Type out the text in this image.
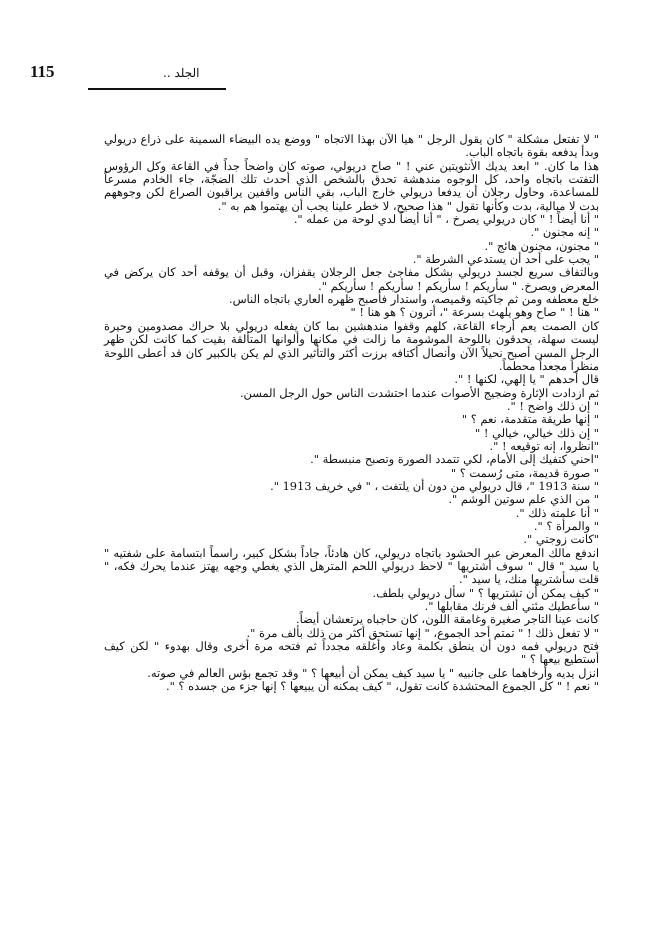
115	الجلد ..

" لا تفتعل مشكلة " كان يقول الرجل " هيا الآن بهذا الاتجاه " ووضع يده البيضاء السمينة على ذراع دريولي وبدأ يدفعه بقوة باتجاه الباب.

هذا ما كان. " ابعد يديك الأنثويتين عني ! " صاح دريولي، صوته كان واضحاً جداً في القاعة وكل الرؤوس التفتت باتجاه واحد، كل الوجوه مندهشة تحدق بالشخص الذي أحدث تلك الضجّة، جاء الخادم مسرعاً للمساعدة، وحاول رجلان أن يدفعا دريولي خارج الباب، بقي الناس واقفين يراقبون الصراع لكن وجوههم بدت لا مبالية، بدت وكأنها تقول " هذا صحيح، لا خطر علينا يجب أن يهتموا هم به ".

" أنا أيضاً ! " كان دريولي يصرخ ، " أنا أيضاً لدي لوحة من عمله ".

" إنه مجنون ".

" مجنون، مجنون هائج ".

" يجب على أحد أن يستدعي الشرطة ".

وبالتفاف سريع لجسد دريولي بشكل مفاجئ جعل الرجلان يقفزان، وقبل أن يوقفه أحد كان يركض في المعرض ويصرخ. " سأريكم ! سأريكم ! سأريكم ! سأريكم ".

خلع معطفه ومن ثم جاكيته وقميصه، واستدار فأصبح ظهره العاري باتجاه الناس.

" هنا ! " صاح وهو يلهث بسرعة "، أترون ؟ هو هنا ! "

كان الصمت يعم أرجاء القاعة، كلهم وقفوا مندهشين بما كان يفعله دريولي بلا حراك مصدومين وحيرة ليست سهلة، يحدقون باللوحة الموشومة ما زالت في مكانها وألوانها المتألقة بقيت كما كانت لكن ظهر الرجل المسن أصبح نحيلاً الآن وأنصال أكتافه برزت أكثر والتأثير الذي لم يكن بالكبير كان قد أعطى اللوحة منظراً مجعداً محطماً.

قال أحدهم " يا إلهي، لكنها ! ".

ثم ازدادت الإثارة وضجيج الأصوات عندما احتشدت الناس حول الرجل المسن.

" إن ذلك واضح ! ".

" إنها طريقة متقدمة، نعم ؟ "

" إن ذلك خيالي، خيالي ! "

"انظروا، إنه توقيعه ! ".

"احني كتفيك إلى الأمام، لكي تتمدد الصورة وتصبح منبسطة ".

" صورة قديمة، متى رُسمت ؟ "

" سنة 1913 "، قال دريولي من دون أن يلتفت ، " في خريف 1913 ".

" من الذي علم سوتين الوشم ".

" أنا علمته ذلك ".

" والمرأة ؟ ".

"كانت زوجتي ".

اندفع مالك المعرض عبر الحشود باتجاه دريولي، كان هادئاً، جاداً بشكل كبير، راسماً ابتسامة على شفتيه " يا سيد " قال " سوف أشتريها " لاحظ دريولي اللحم المترهل الذي يغطي وجهه يهتز عندما يحرك فكه، " قلت سأشتريها منك، يا سيد ".

" كيف يمكن أن تشتريها ؟ " سأل دريولي بلطف.

" سأعطيك مئتي ألف فرنك مقابلها ".

كانت عينا التاجر صغيرة وغامقة اللون، كان حاجباه يرتعشان أيضاً.

" لا تفعل ذلك ! " تمتم أحد الجموع، " إنها تستحق أكثر من ذلك بألف مرة ".

فتح دريولي فمه دون أن ينطق بكلمة وعاد وأغلقه مجدداً ثم فتحه مرة أخرى وقال بهدوء " لكن كيف أستطيع بيعها ؟ "

انزل يديه وأرخاهما على جانبيه " يا سيد كيف يمكن أن أبيعها ؟ " وقد تجمع بؤس العالم في صوته.

" نعم ! " كل الجموع المحتشدة كانت تقول، " كيف يمكنه أن يبيعها ؟ إنها جزء من جسده ؟ ".
